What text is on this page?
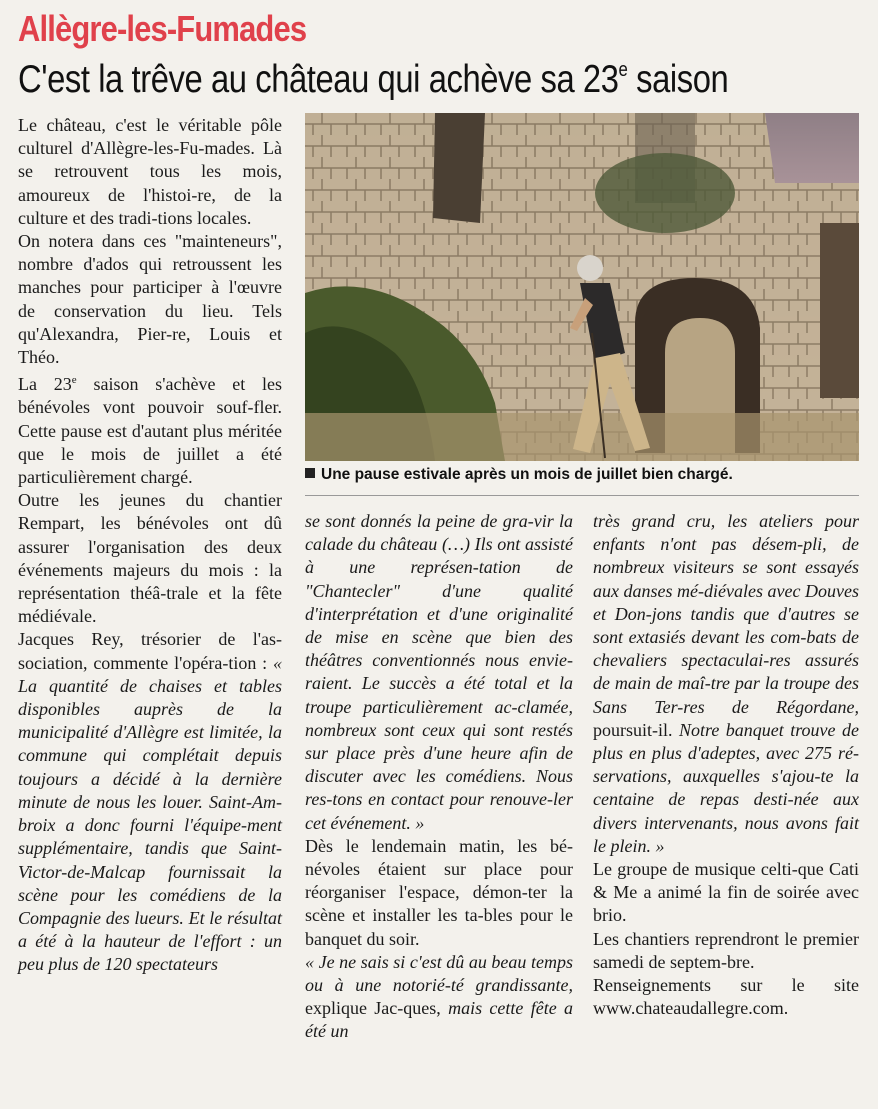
Allègre-les-Fumades
C'est la trêve au château qui achève sa 23e saison
Une pause estivale après un mois de juillet bien chargé.

Le château, c'est le véritable pôle culturel d'Allègre-les-Fu-mades. Là se retrouvent tous les mois, amoureux de l'histoi-re, de la culture et des tradi-tions locales.

On notera dans ces "mainteneurs", nombre d'ados qui retroussent les manches pour participer à l'œuvre de conservation du lieu. Tels qu'Alexandra, Pier-re, Louis et Théo.

La 23e saison s'achève et les bénévoles vont pouvoir souf-fler. Cette pause est d'autant plus méritée que le mois de juillet a été particulièrement chargé.

Outre les jeunes du chantier Rempart, les bénévoles ont dû assurer l'organisation des deux événements majeurs du mois : la représentation théâ-trale et la fête médiévale.

Jacques Rey, trésorier de l'as-sociation, commente l'opéra-tion : « La quantité de chaises et tables disponibles auprès de la municipalité d'Allègre est limitée, la commune qui complétait depuis toujours a décidé à la dernière minute de nous les louer. Saint-Am-broix a donc fourni l'équipe-ment supplémentaire, tandis que Saint-Victor-de-Malcap fournissait la scène pour les comédiens de la Compagnie des lueurs. Et le résultat a été à la hauteur de l'effort : un peu plus de 120 spectateurs

se sont donnés la peine de gra-vir la calade du château (…) Ils ont assisté à une représen-tation de "Chantecler" d'une qualité d'interprétation et d'une originalité de mise en scène que bien des théâtres conventionnés nous envie-raient. Le succès a été total et la troupe particulièrement ac-clamée, nombreux sont ceux qui sont restés sur place près d'une heure afin de discuter avec les comédiens. Nous res-tons en contact pour renouve-ler cet événement. »

Dès le lendemain matin, les bé-névoles étaient sur place pour réorganiser l'espace, démon-ter la scène et installer les ta-bles pour le banquet du soir.

« Je ne sais si c'est dû au beau temps ou à une notorié-té grandissante, explique Jac-ques, mais cette fête a été un

très grand cru, les ateliers pour enfants n'ont pas désem-pli, de nombreux visiteurs se sont essayés aux danses mé-diévales avec Douves et Don-jons tandis que d'autres se sont extasiés devant les com-bats de chevaliers spectaculai-res assurés de main de maî-tre par la troupe des Sans Ter-res de Régordane, poursuit-il. Notre banquet trouve de plus en plus d'adeptes, avec 275 ré-servations, auxquelles s'ajou-te la centaine de repas desti-née aux divers intervenants, nous avons fait le plein. »

Le groupe de musique celti-que Cati & Me a animé la fin de soirée avec brio.

Les chantiers reprendront le premier samedi de septem-bre.

Renseignements sur le site www.chateaudallegre.com.
